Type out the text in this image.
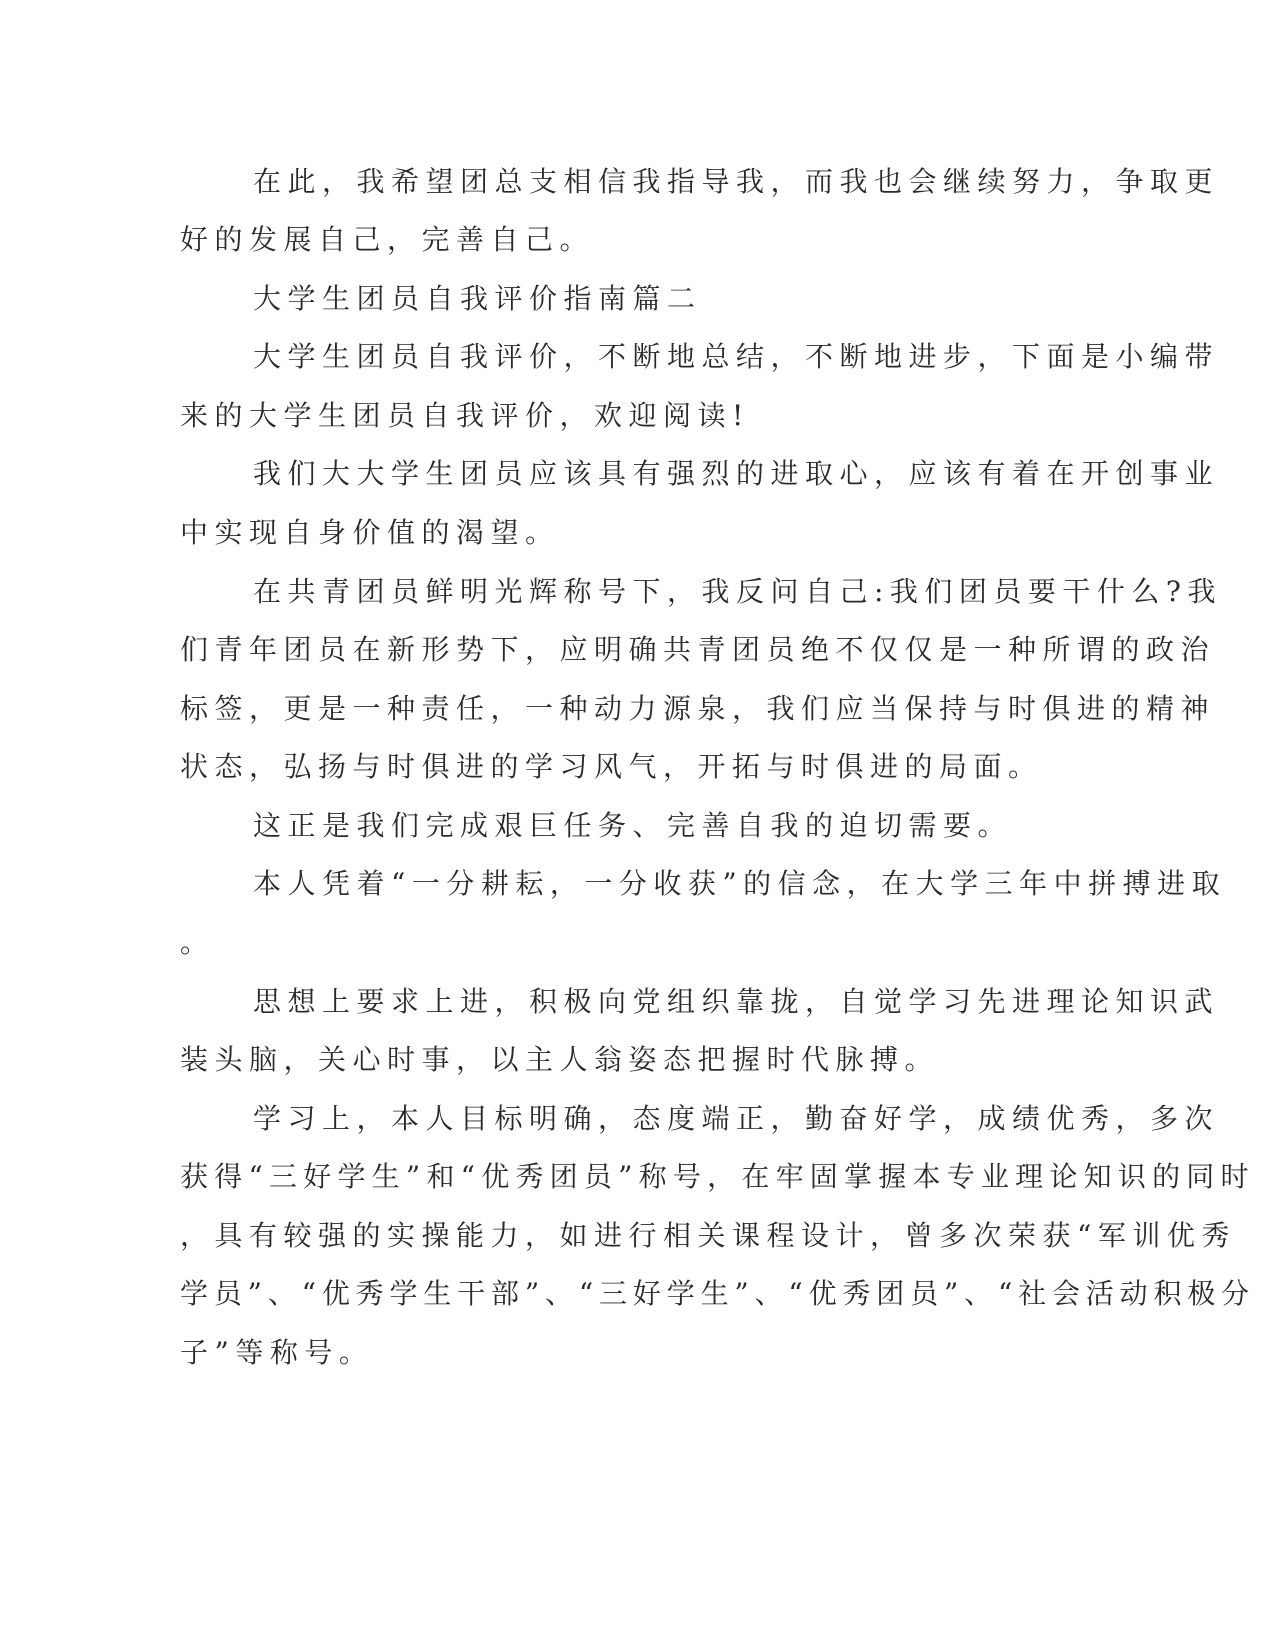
在此，我希望团总支相信我指导我，而我也会继续努力，争取更
好的发展自己，完善自己。
大学生团员自我评价指南篇二
大学生团员自我评价，不断地总结，不断地进步，下面是小编带
来的大学生团员自我评价，欢迎阅读!
我们大大学生团员应该具有强烈的进取心，应该有着在开创事业
中实现自身价值的渴望。
在共青团员鲜明光辉称号下，我反问自己:我们团员要干什么?我
们青年团员在新形势下，应明确共青团员绝不仅仅是一种所谓的政治
标签，更是一种责任，一种动力源泉，我们应当保持与时俱进的精神
状态，弘扬与时俱进的学习风气，开拓与时俱进的局面。
这正是我们完成艰巨任务、完善自我的迫切需要。
本人凭着“一分耕耘，一分收获”的信念，在大学三年中拼搏进取
。
思想上要求上进，积极向党组织靠拢，自觉学习先进理论知识武
装头脑，关心时事，以主人翁姿态把握时代脉搏。
学习上，本人目标明确，态度端正，勤奋好学，成绩优秀，多次
获得“三好学生”和“优秀团员”称号，在牢固掌握本专业理论知识的同时
，具有较强的实操能力，如进行相关课程设计，曾多次荣获“军训优秀
学员”、“优秀学生干部”、“三好学生”、“优秀团员”、“社会活动积极分
子”等称号。
